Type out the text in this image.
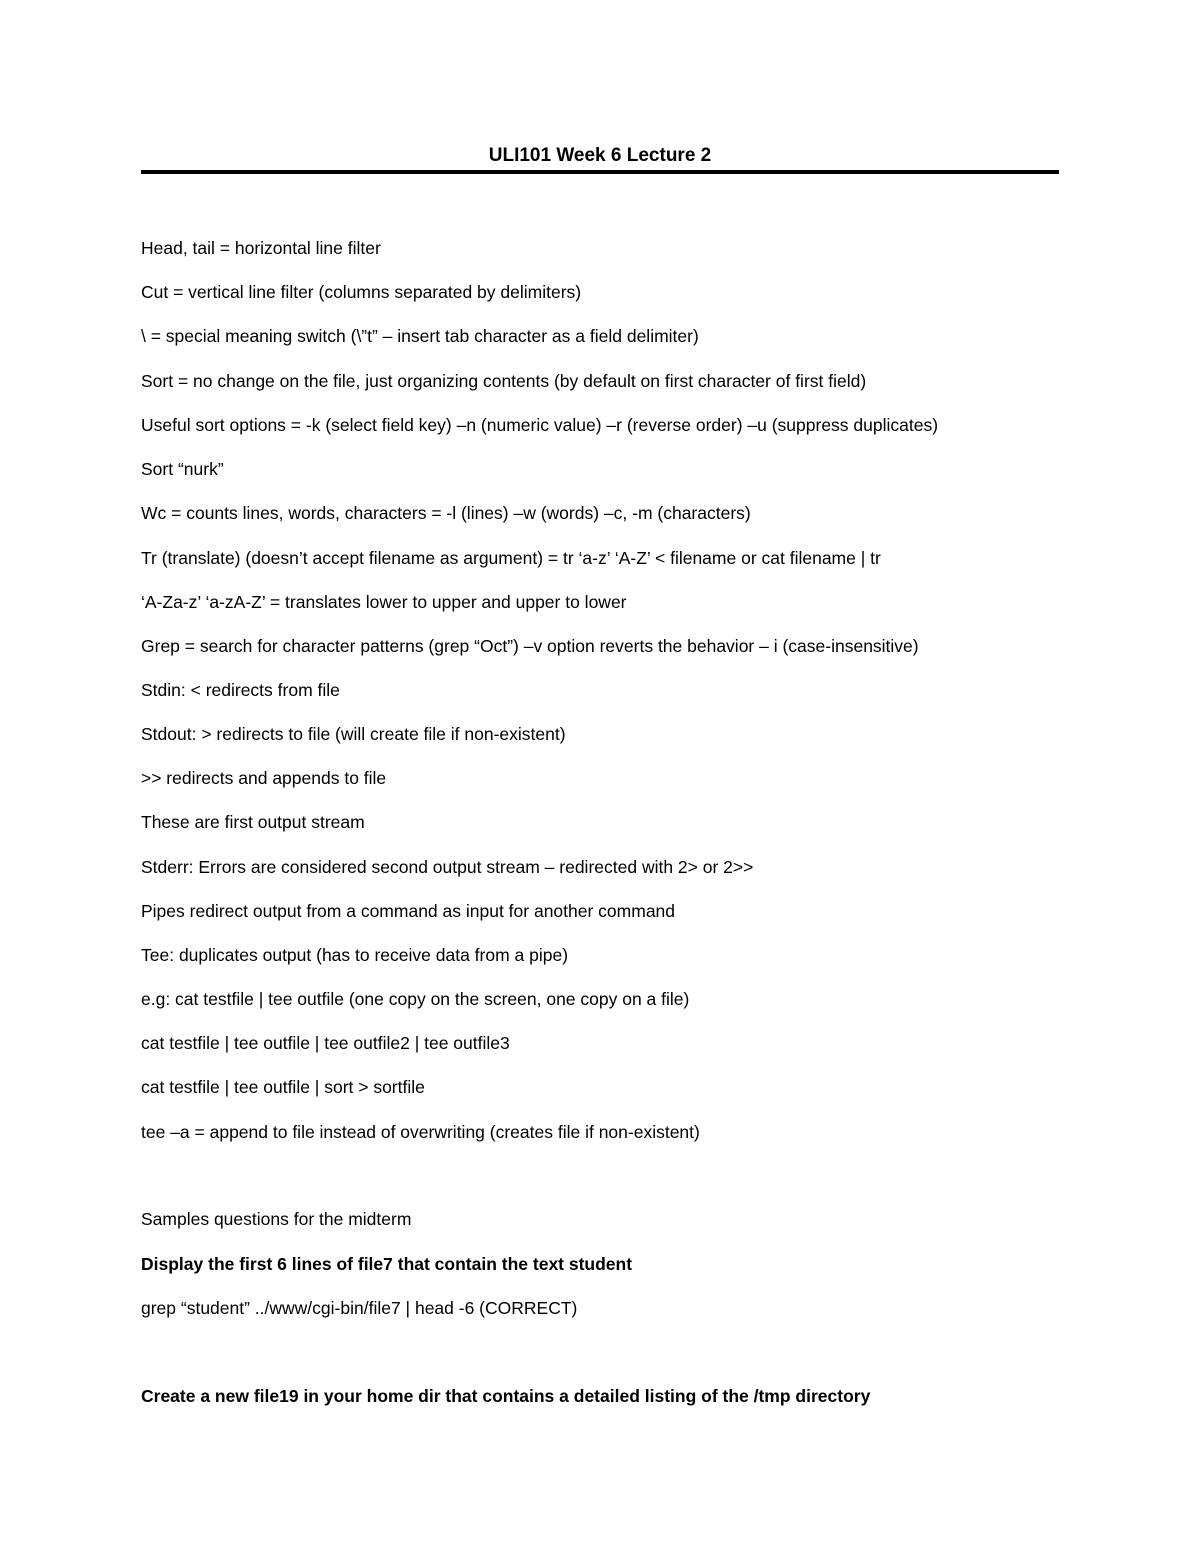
ULI101 Week 6 Lecture 2
Head, tail = horizontal line filter
Cut = vertical line filter (columns separated by delimiters)
\ = special meaning switch (\”t” – insert tab character as a field delimiter)
Sort = no change on the file, just organizing contents (by default on first character of first field)
Useful sort options = -k (select field key) –n (numeric value) –r (reverse order) –u (suppress duplicates)
Sort “nurk”
Wc = counts lines, words, characters = -l (lines) –w (words) –c, -m (characters)
Tr (translate) (doesn’t accept filename as argument) = tr ‘a-z’ ‘A-Z’ < filename or cat filename | tr
‘A-Za-z’ ‘a-zA-Z’ = translates lower to upper and upper to lower
Grep = search for character patterns (grep “Oct”) –v option reverts the behavior – i (case-insensitive)
Stdin: < redirects from file
Stdout: > redirects to file (will create file if non-existent)
>> redirects and appends to file
These are first output stream
Stderr: Errors are considered second output stream – redirected with 2> or 2>>
Pipes redirect output from a command as input for another command
Tee: duplicates output (has to receive data from a pipe)
e.g: cat testfile | tee outfile (one copy on the screen, one copy on a file)
cat testfile | tee outfile | tee outfile2 | tee outfile3
cat testfile | tee outfile | sort > sortfile
tee –a = append to file instead of overwriting (creates file if non-existent)
Samples questions for the midterm
Display the first 6 lines of file7 that contain the text student
grep “student” ../www/cgi-bin/file7 | head -6 (CORRECT)
Create a new file19 in your home dir that contains a detailed listing of the /tmp directory
